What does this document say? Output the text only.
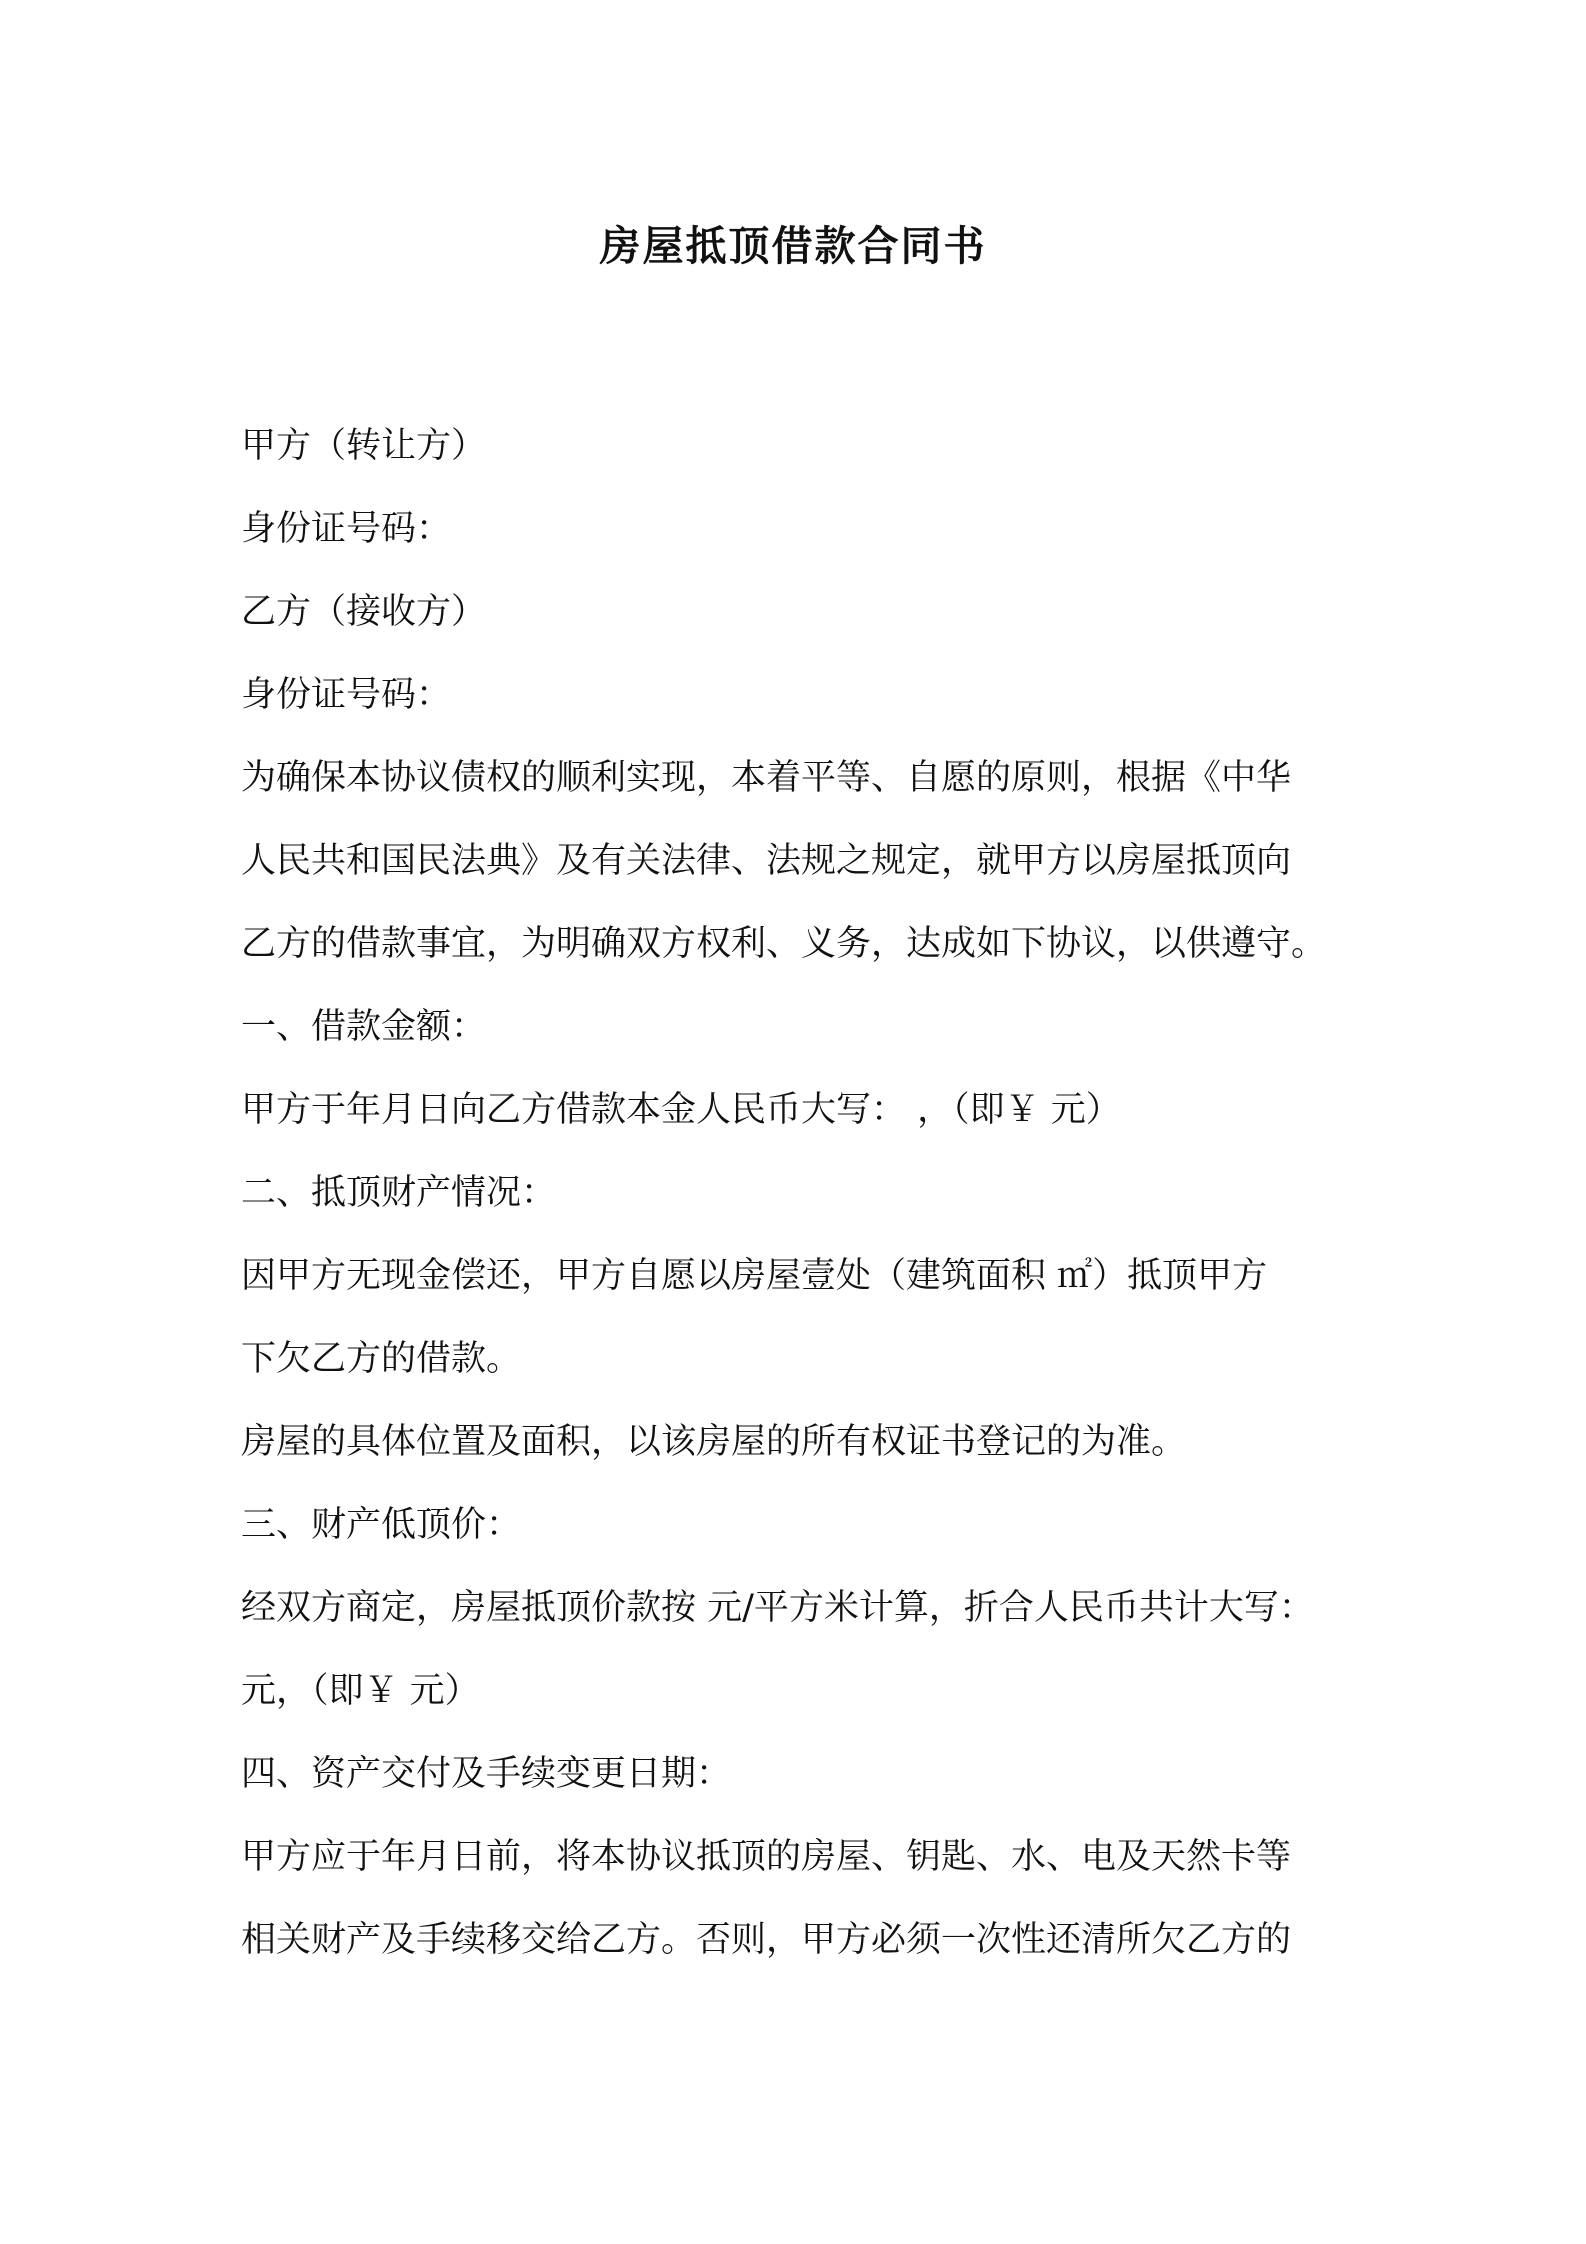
房屋抵顶借款合同书
甲方（转让方）
身份证号码：
乙方（接收方）
身份证号码：
为确保本协议债权的顺利实现，本着平等、自愿的原则，根据《中华
人民共和国民法典》及有关法律、法规之规定，就甲方以房屋抵顶向
乙方的借款事宜，为明确双方权利、义务，达成如下协议，以供遵守。
一、借款金额：
甲方于年月日向乙方借款本金人民币大写： ，（即￥ 元）
二、抵顶财产情况：
因甲方无现金偿还，甲方自愿以房屋壹处（建筑面积 ㎡）抵顶甲方
下欠乙方的借款。
房屋的具体位置及面积，以该房屋的所有权证书登记的为准。
三、财产低顶价：
经双方商定，房屋抵顶价款按 元/平方米计算，折合人民币共计大写：
元，（即￥ 元）
四、资产交付及手续变更日期：
甲方应于年月日前，将本协议抵顶的房屋、钥匙、水、电及天然卡等
相关财产及手续移交给乙方。否则，甲方必须一次性还清所欠乙方的
